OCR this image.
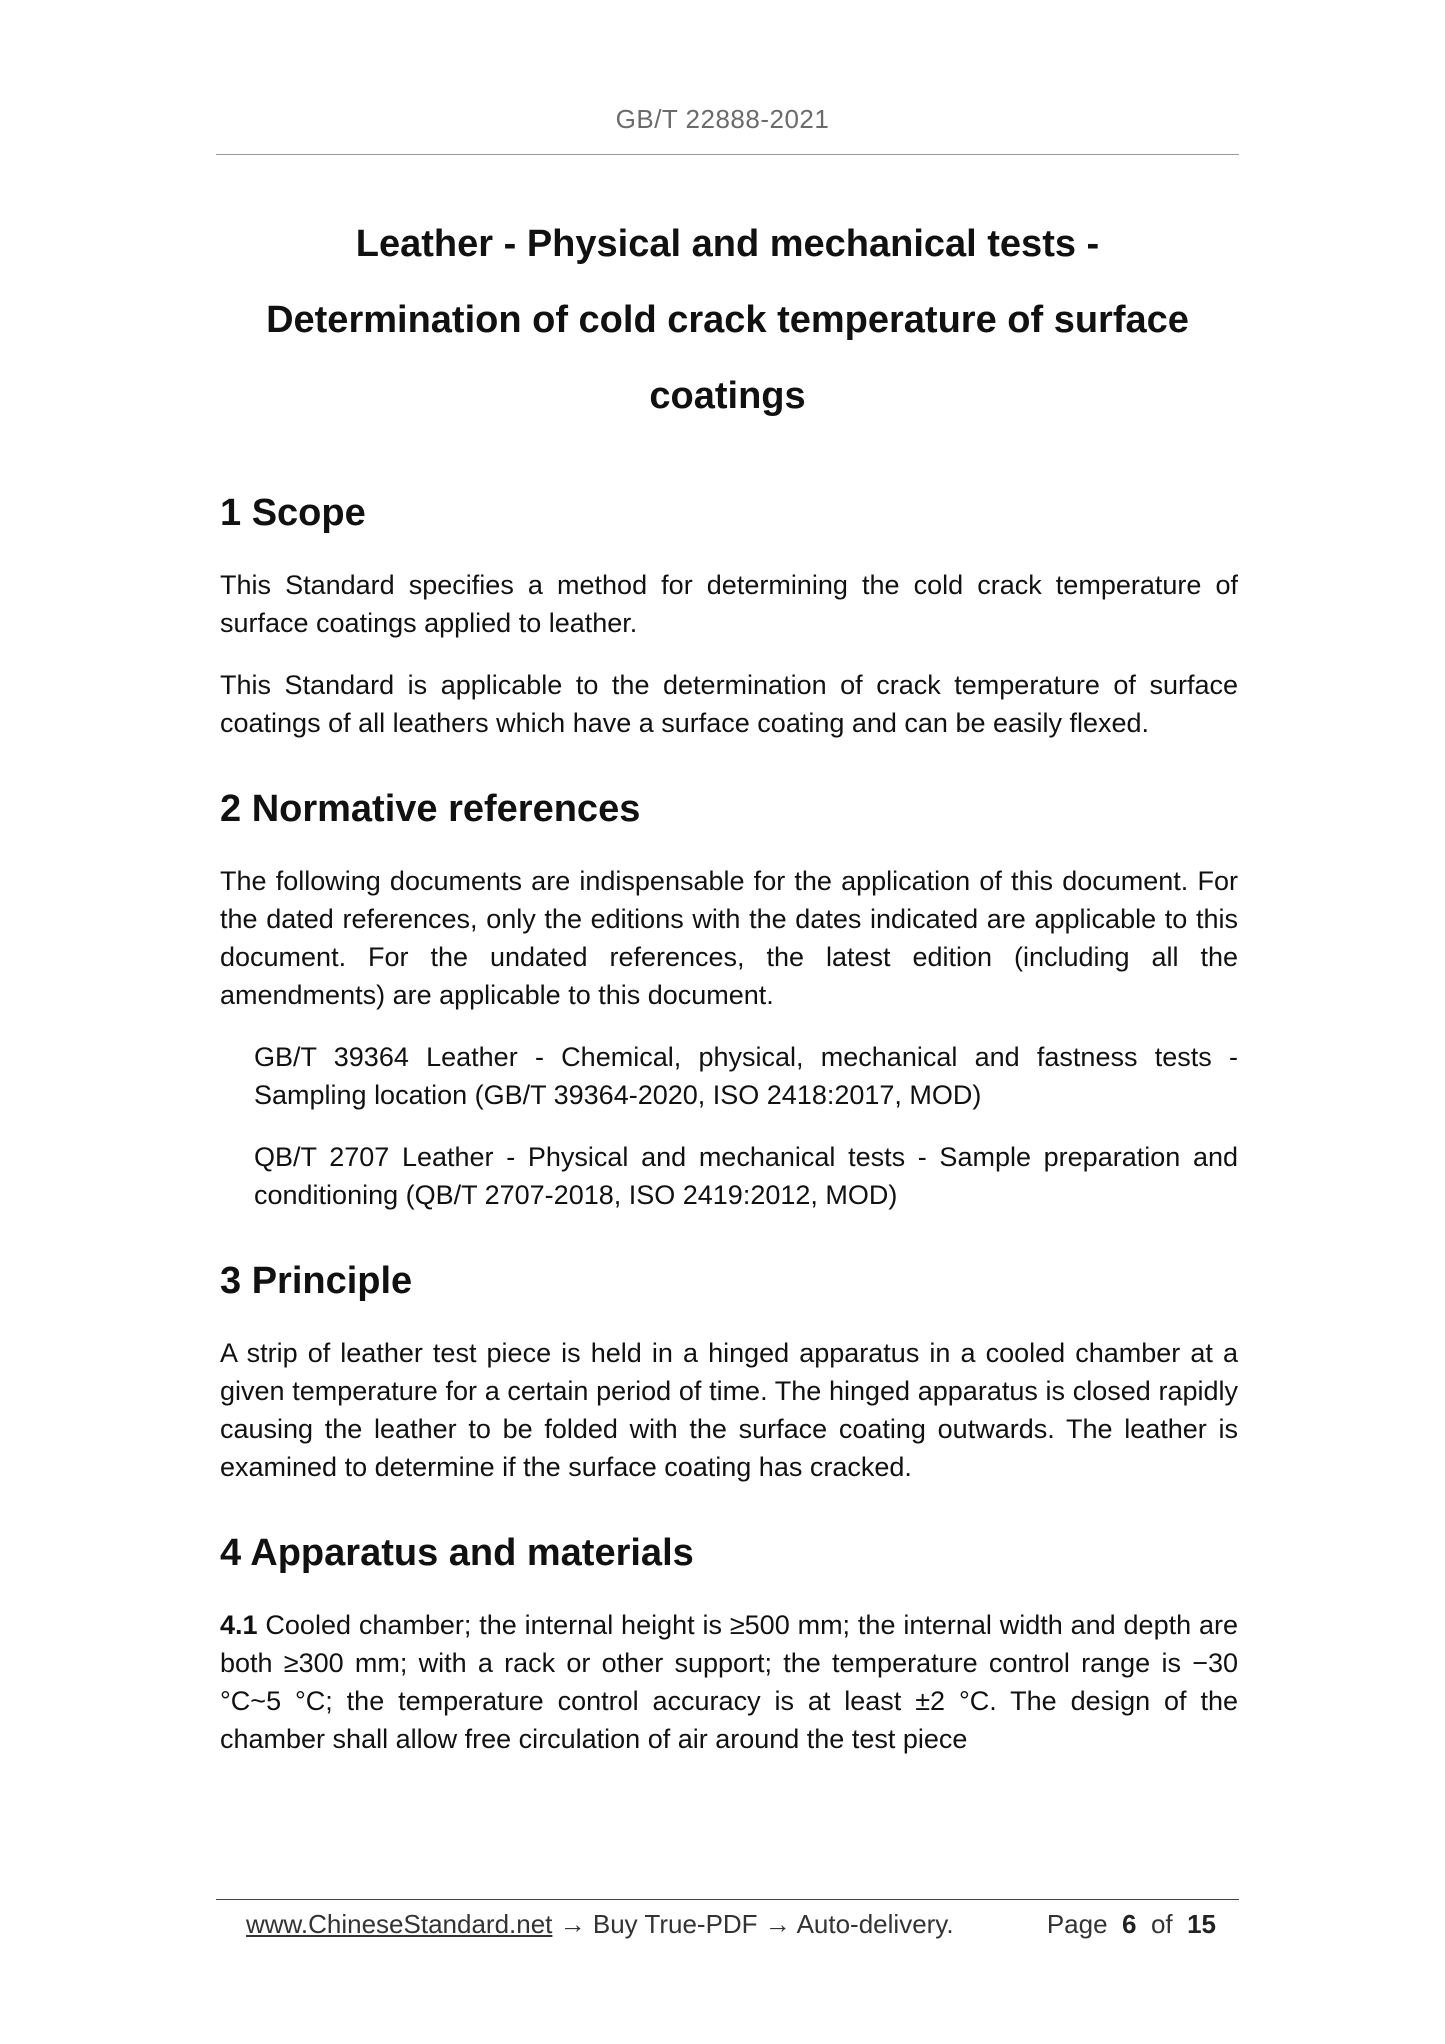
GB/T 22888-2021
Leather - Physical and mechanical tests -
Determination of cold crack temperature of surface
coatings
1 Scope

This Standard specifies a method for determining the cold crack temperature of surface coatings applied to leather.

This Standard is applicable to the determination of crack temperature of surface coatings of all leathers which have a surface coating and can be easily flexed.

2 Normative references

The following documents are indispensable for the application of this document. For the dated references, only the editions with the dates indicated are applicable to this document. For the undated references, the latest edition (including all the amendments) are applicable to this document.

GB/T 39364 Leather - Chemical, physical, mechanical and fastness tests - Sampling location (GB/T 39364-2020, ISO 2418:2017, MOD)

QB/T 2707 Leather - Physical and mechanical tests - Sample preparation and conditioning (QB/T 2707-2018, ISO 2419:2012, MOD)

3 Principle

A strip of leather test piece is held in a hinged apparatus in a cooled chamber at a given temperature for a certain period of time. The hinged apparatus is closed rapidly causing the leather to be folded with the surface coating outwards. The leather is examined to determine if the surface coating has cracked.

4 Apparatus and materials

4.1 Cooled chamber; the internal height is ≥500 mm; the internal width and depth are both ≥300 mm; with a rack or other support; the temperature control range is −30 °C~5 °C; the temperature control accuracy is at least ±2 °C. The design of the chamber shall allow free circulation of air around the test piece

www.ChineseStandard.net → Buy True-PDF → Auto-delivery.	Page 6 of 15
